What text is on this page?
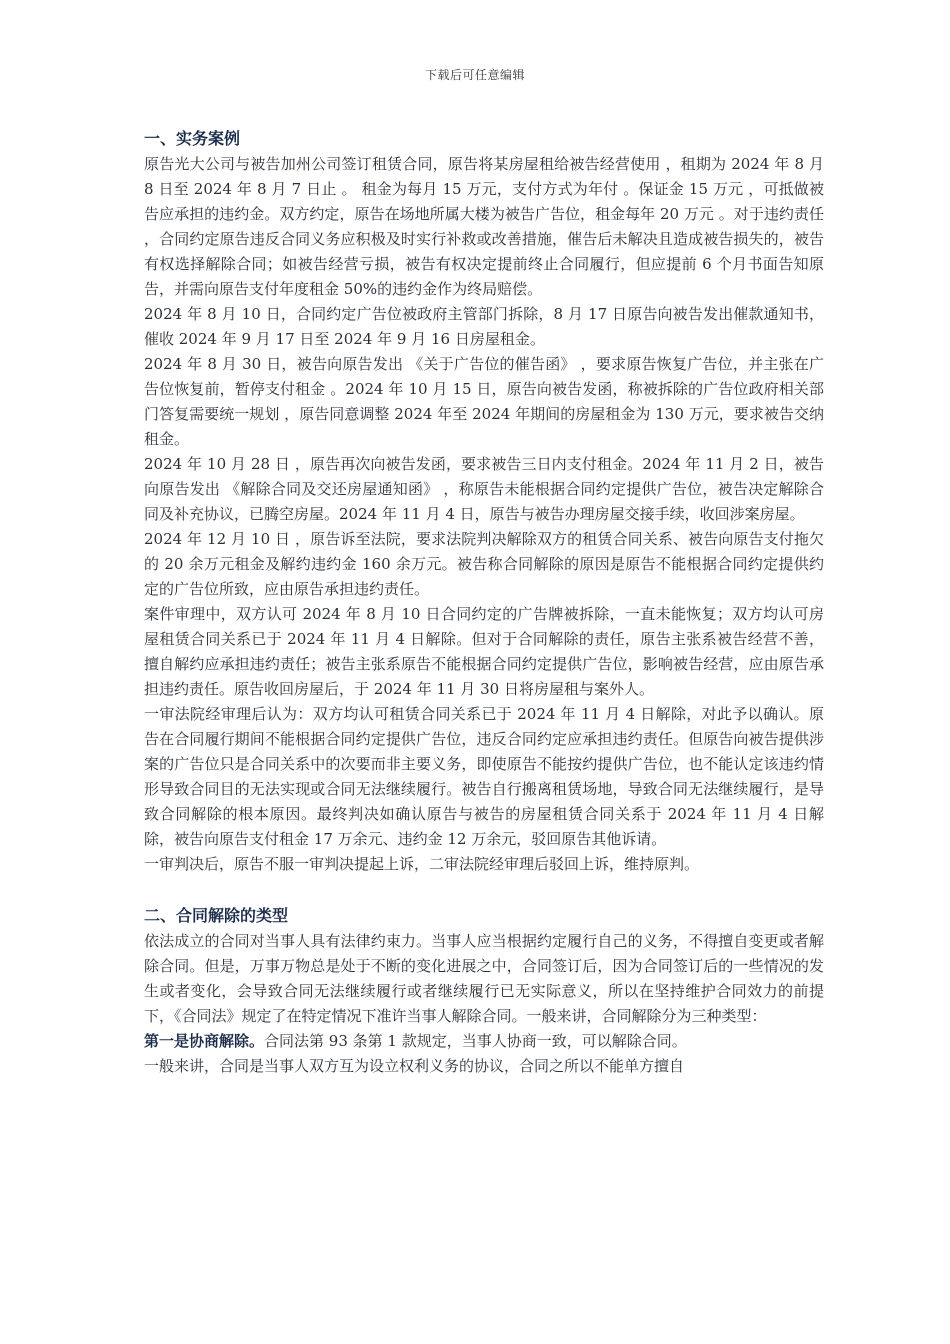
下载后可任意编辑
一、实务案例

原告光大公司与被告加州公司签订租赁合同，原告将某房屋租给被告经营使用 ，租期为 2024 年 8 月 8 日至 2024 年 8 月 7 日止 。 租金为每月 15 万元，支付方式为年付 。保证金 15 万元 ，可抵做被告应承担的违约金。双方约定，原告在场地所属大楼为被告广告位，租金每年 20 万元 。对于违约责任 ，合同约定原告违反合同义务应积极及时实行补救或改善措施，催告后未解决且造成被告损失的，被告有权选择解除合同；如被告经营亏损，被告有权决定提前终止合同履行，但应提前 6 个月书面告知原告，并需向原告支付年度租金 50%的违约金作为终局赔偿。

2024 年 8 月 10 日，合同约定广告位被政府主管部门拆除，8 月 17 日原告向被告发出催款通知书，催收 2024 年 9 月 17 日至 2024 年 9 月 16 日房屋租金。

2024 年 8 月 30 日，被告向原告发出 《关于广告位的催告函》 ，要求原告恢复广告位，并主张在广告位恢复前，暂停支付租金 。2024 年 10 月 15 日，原告向被告发函，称被拆除的广告位政府相关部门答复需要统一规划 ，原告同意调整 2024 年至 2024 年期间的房屋租金为 130 万元，要求被告交纳租金。

2024 年 10 月 28 日 ，原告再次向被告发函，要求被告三日内支付租金。2024 年 11 月 2 日，被告向原告发出 《解除合同及交还房屋通知函》 ，称原告未能根据合同约定提供广告位，被告决定解除合同及补充协议，已腾空房屋。2024 年 11 月 4 日，原告与被告办理房屋交接手续，收回涉案房屋。

2024 年 12 月 10 日 ，原告诉至法院，要求法院判决解除双方的租赁合同关系、被告向原告支付拖欠的 20 余万元租金及解约违约金 160 余万元。被告称合同解除的原因是原告不能根据合同约定提供约定的广告位所致，应由原告承担违约责任。

案件审理中，双方认可 2024 年 8 月 10 日合同约定的广告牌被拆除，一直未能恢复；双方均认可房屋租赁合同关系已于 2024 年 11 月 4 日解除。但对于合同解除的责任，原告主张系被告经营不善，擅自解约应承担违约责任；被告主张系原告不能根据合同约定提供广告位，影响被告经营，应由原告承担违约责任。原告收回房屋后，于 2024 年 11 月 30 日将房屋租与案外人。

一审法院经审理后认为：双方均认可租赁合同关系已于 2024 年 11 月 4 日解除，对此予以确认。原告在合同履行期间不能根据合同约定提供广告位，违反合同约定应承担违约责任。但原告向被告提供涉案的广告位只是合同关系中的次要而非主要义务，即使原告不能按约提供广告位，也不能认定该违约情形导致合同目的无法实现或合同无法继续履行。被告自行搬离租赁场地，导致合同无法继续履行，是导致合同解除的根本原因。最终判决如确认原告与被告的房屋租赁合同关系于 2024 年 11 月 4 日解除，被告向原告支付租金 17 万余元、违约金 12 万余元，驳回原告其他诉请。

一审判决后，原告不服一审判决提起上诉，二审法院经审理后驳回上诉，维持原判。

二、合同解除的类型

依法成立的合同对当事人具有法律约束力。当事人应当根据约定履行自己的义务，不得擅自变更或者解除合同。但是，万事万物总是处于不断的变化进展之中，合同签订后，因为合同签订后的一些情况的发生或者变化，会导致合同无法继续履行或者继续履行已无实际意义，所以在坚持维护合同效力的前提下，《合同法》规定了在特定情况下准许当事人解除合同。一般来讲，合同解除分为三种类型：

第一是协商解除。合同法第 93 条第 1 款规定，当事人协商一致，可以解除合同。

一般来讲，合同是当事人双方互为设立权利义务的协议，合同之所以不能单方擅自
